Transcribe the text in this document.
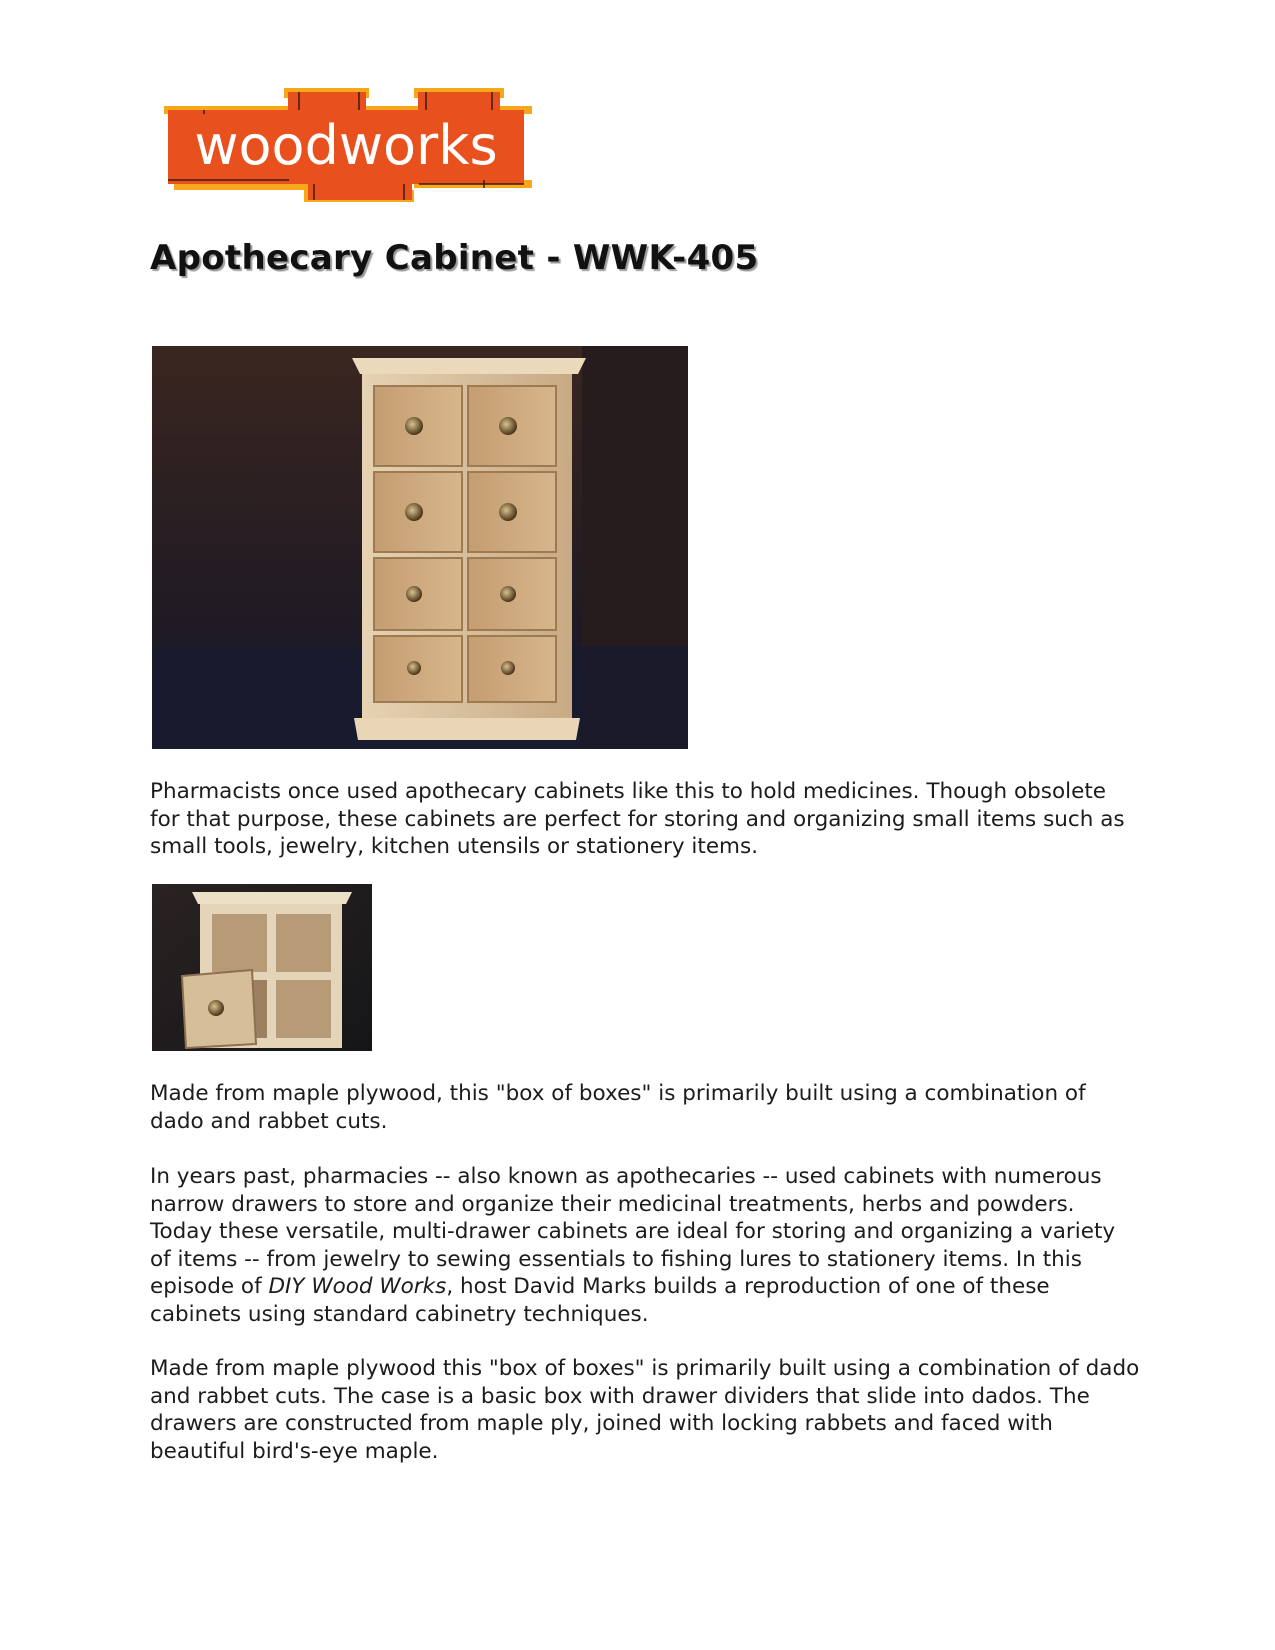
woodworks
Apothecary Cabinet - WWK-405

Pharmacists once used apothecary cabinets like this to hold medicines. Though obsolete for that purpose, these cabinets are perfect for storing and organizing small items such as small tools, jewelry, kitchen utensils or stationery items.

Made from maple plywood, this "box of boxes" is primarily built using a combination of dado and rabbet cuts.

In years past, pharmacies -- also known as apothecaries -- used cabinets with numerous narrow drawers to store and organize their medicinal treatments, herbs and powders. Today these versatile, multi-drawer cabinets are ideal for storing and organizing a variety of items -- from jewelry to sewing essentials to fishing lures to stationery items. In this episode of DIY Wood Works, host David Marks builds a reproduction of one of these cabinets using standard cabinetry techniques.

Made from maple plywood this "box of boxes" is primarily built using a combination of dado and rabbet cuts. The case is a basic box with drawer dividers that slide into dados. The drawers are constructed from maple ply, joined with locking rabbets and faced with beautiful bird's-eye maple.
